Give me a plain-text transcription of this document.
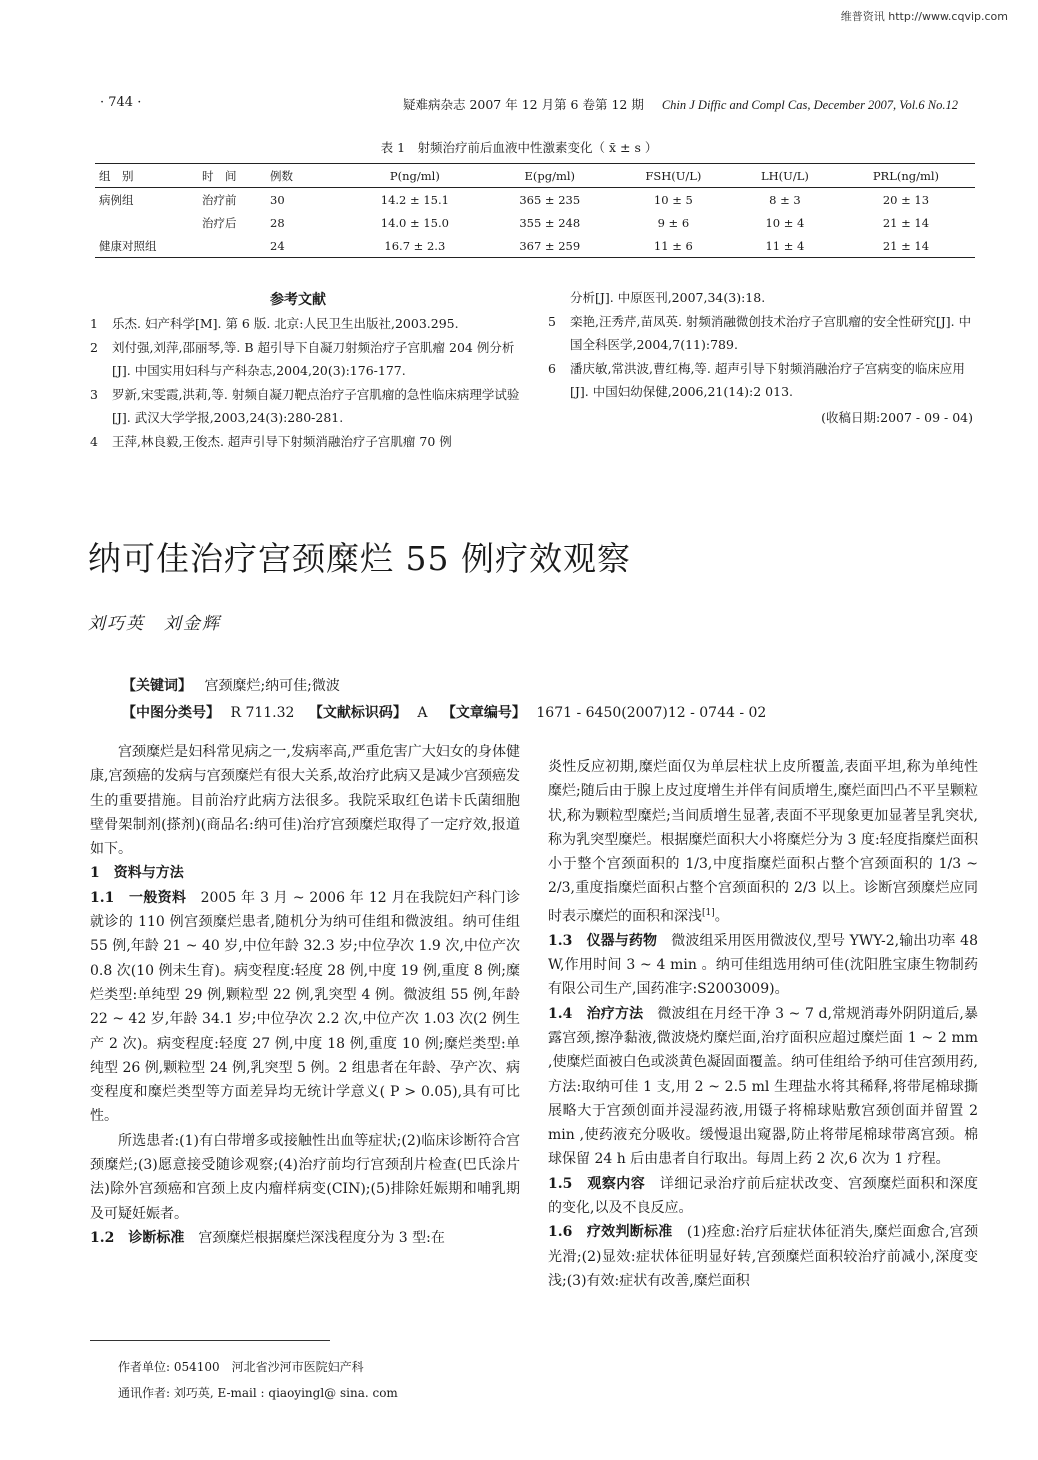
维普资讯 http://www.cqvip.com
· 744 ·	疑难病杂志 2007 年 12 月第 6 卷第 12 期 Chin J Diffic and Compl Cas, December 2007, Vol.6 No.12
表 1　射频治疗前后血液中性激素变化（ x̄ ± s ）
组　别	时　间	例数	P(ng/ml)	E(pg/ml)	FSH(U/L)	LH(U/L)	PRL(ng/ml)
病例组	治疗前	30	14.2 ± 15.1	365 ± 235	10 ± 5	8 ± 3	20 ± 13
	治疗后	28	14.0 ± 15.0	355 ± 248	9 ± 6	10 ± 4	21 ± 14
健康对照组		24	16.7 ± 2.3	367 ± 259	11 ± 6	11 ± 4	21 ± 14
参考文献
1 乐杰. 妇产科学[M]. 第 6 版. 北京:人民卫生出版社,2003.295.
2 刘付强,刘萍,邵丽琴,等. B 超引导下自凝刀射频治疗子宫肌瘤 204 例分析[J]. 中国实用妇科与产科杂志,2004,20(3):176-177.
3 罗新,宋雯霞,洪莉,等. 射频自凝刀靶点治疗子宫肌瘤的急性临床病理学试验[J]. 武汉大学学报,2003,24(3):280-281.
4 王萍,林良毅,王俊杰. 超声引导下射频消融治疗子宫肌瘤 70 例
分析[J]. 中原医刊,2007,34(3):18.
5 栾艳,汪秀芹,苗凤英. 射频消融微创技术治疗子宫肌瘤的安全性研究[J]. 中国全科医学,2004,7(11):789.
6 潘庆敏,常洪波,曹红梅,等. 超声引导下射频消融治疗子宫病变的临床应用[J]. 中国妇幼保健,2006,21(14):2 013.
(收稿日期:2007 - 09 - 04)
纳可佳治疗宫颈糜烂 55 例疗效观察
刘巧英　刘金辉
【关键词】 宫颈糜烂;纳可佳;微波
【中图分类号】 R 711.32 【文献标识码】 A 【文章编号】 1671 - 6450(2007)12 - 0744 - 02

宫颈糜烂是妇科常见病之一,发病率高,严重危害广大妇女的身体健康,宫颈癌的发病与宫颈糜烂有很大关系,故治疗此病又是减少宫颈癌发生的重要措施。目前治疗此病方法很多。我院采取红色诺卡氏菌细胞壁骨架制剂(搽剂)(商品名:纳可佳)治疗宫颈糜烂取得了一定疗效,报道如下。

1　资料与方法

1.1　一般资料　 2005 年 3 月 ~ 2006 年 12 月在我院妇产科门诊就诊的 110 例宫颈糜烂患者,随机分为纳可佳组和微波组。纳可佳组 55 例,年龄 21 ~ 40 岁,中位年龄 32.3 岁;中位孕次 1.9 次,中位产次 0.8 次(10 例未生育)。病变程度:轻度 28 例,中度 19 例,重度 8 例;糜烂类型:单纯型 29 例,颗粒型 22 例,乳突型 4 例。微波组 55 例,年龄 22 ~ 42 岁,年龄 34.1 岁;中位孕次 2.2 次,中位产次 1.03 次(2 例生产 2 次)。病变程度:轻度 27 例,中度 18 例,重度 10 例;糜烂类型:单纯型 26 例,颗粒型 24 例,乳突型 5 例。2 组患者在年龄、孕产次、病变程度和糜烂类型等方面差异均无统计学意义( P > 0.05),具有可比性。

所选患者:(1)有白带增多或接触性出血等症状;(2)临床诊断符合宫颈糜烂;(3)愿意接受随诊观察;(4)治疗前均行宫颈刮片检查(巴氏涂片法)除外宫颈癌和宫颈上皮内瘤样病变(CIN);(5)排除妊娠期和哺乳期及可疑妊娠者。

1.2　诊断标准　 宫颈糜烂根据糜烂深浅程度分为 3 型:在

炎性反应初期,糜烂面仅为单层柱状上皮所覆盖,表面平坦,称为单纯性糜烂;随后由于腺上皮过度增生并伴有间质增生,糜烂面凹凸不平呈颗粒状,称为颗粒型糜烂;当间质增生显著,表面不平现象更加显著呈乳突状,称为乳突型糜烂。根据糜烂面积大小将糜烂分为 3 度:轻度指糜烂面积小于整个宫颈面积的 1/3,中度指糜烂面积占整个宫颈面积的 1/3 ~ 2/3,重度指糜烂面积占整个宫颈面积的 2/3 以上。诊断宫颈糜烂应同时表示糜烂的面积和深浅[1]。

1.3　仪器与药物　 微波组采用医用微波仪,型号 YWY-2,输出功率 48 W,作用时间 3 ~ 4 min 。纳可佳组选用纳可佳(沈阳胜宝康生物制药有限公司生产,国药准字:S2003009)。

1.4　治疗方法　 微波组在月经干净 3 ~ 7 d,常规消毒外阴阴道后,暴露宫颈,擦净黏液,微波烧灼糜烂面,治疗面积应超过糜烂面 1 ~ 2 mm ,使糜烂面被白色或淡黄色凝固面覆盖。纳可佳组给予纳可佳宫颈用药,方法:取纳可佳 1 支,用 2 ~ 2.5 ml 生理盐水将其稀释,将带尾棉球撕展略大于宫颈创面并浸湿药液,用镊子将棉球贴敷宫颈创面并留置 2 min ,使药液充分吸收。缓慢退出窥器,防止将带尾棉球带离宫颈。棉球保留 24 h 后由患者自行取出。每周上药 2 次,6 次为 1 疗程。

1.5　观察内容　 详细记录治疗前后症状改变、宫颈糜烂面积和深度的变化,以及不良反应。

1.6　疗效判断标准　 (1)痊愈:治疗后症状体征消失,糜烂面愈合,宫颈光滑;(2)显效:症状体征明显好转,宫颈糜烂面积较治疗前减小,深度变浅;(3)有效:症状有改善,糜烂面积

作者单位: 054100　河北省沙河市医院妇产科
通讯作者: 刘巧英, E-mail : qiaoyingl@ sina. com
